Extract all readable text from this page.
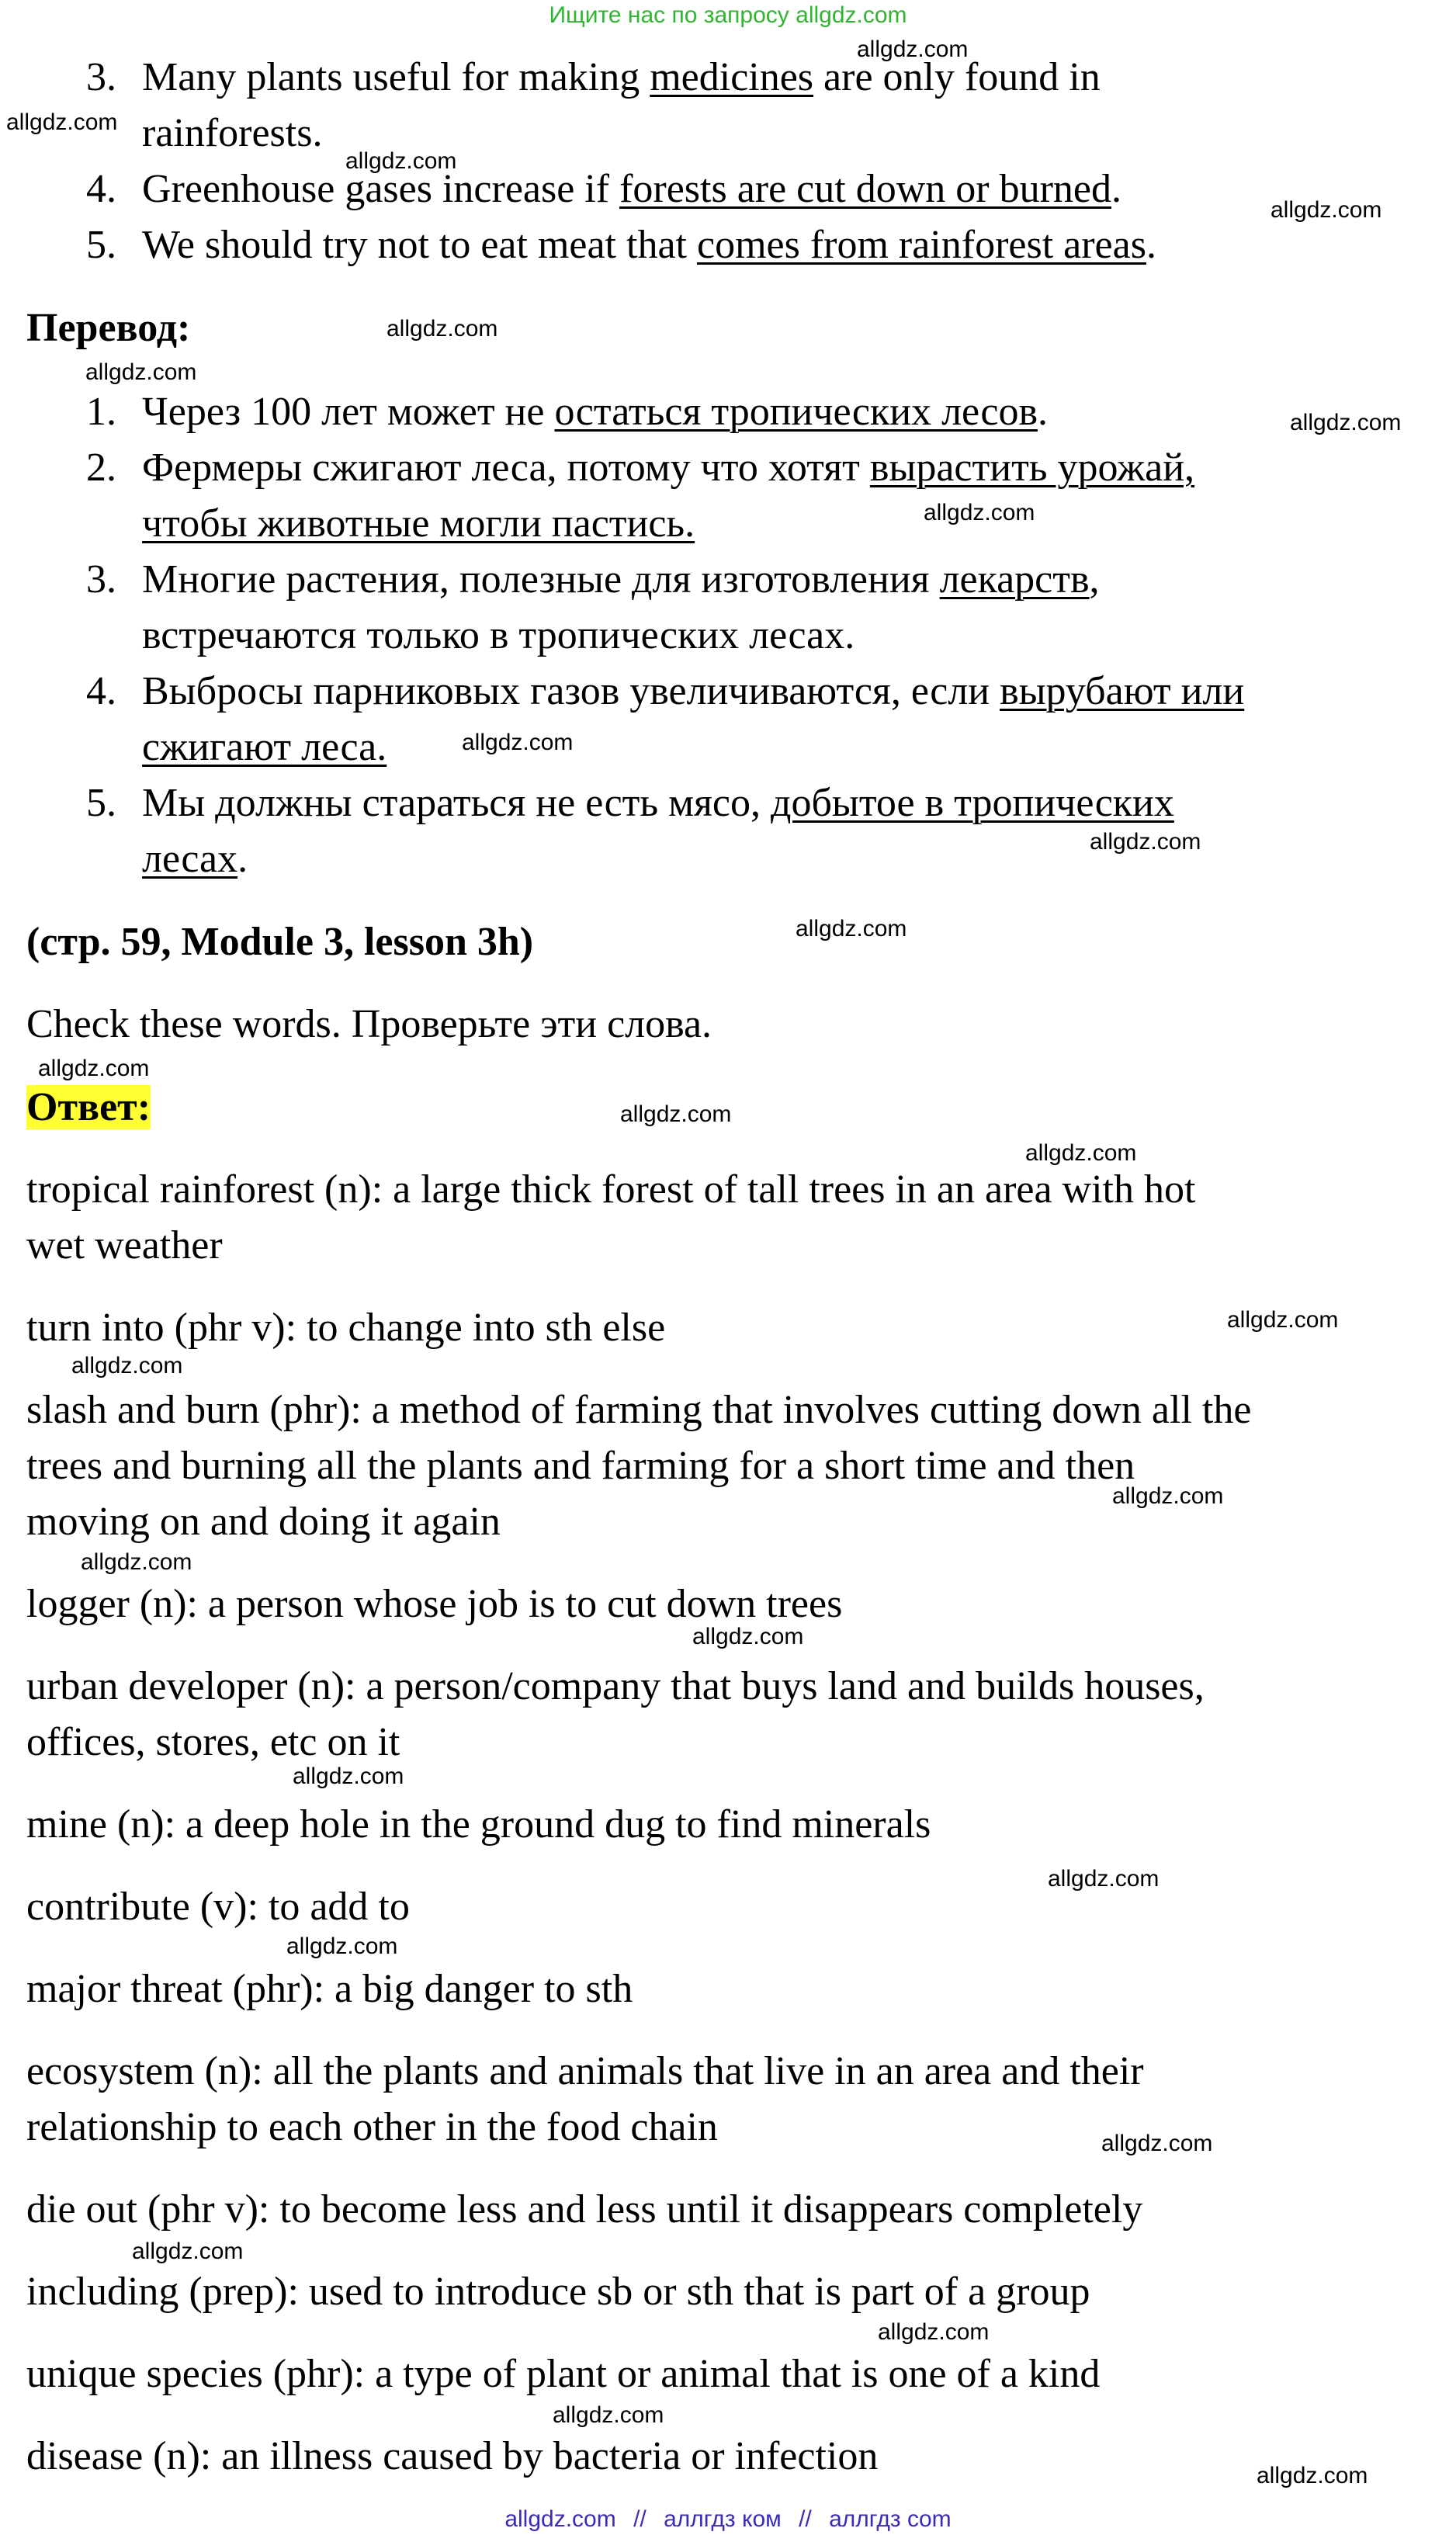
Ищите нас по запросу allgdz.com
3. Many plants useful for making medicines are only found in
rainforests.
4. Greenhouse gases increase if forests are cut down or burned.
5. We should try not to eat meat that comes from rainforest areas.
Перевод:
1. Через 100 лет может не остаться тропических лесов.
2. Фермеры сжигают леса, потому что хотят вырастить урожай,
чтобы животные могли пастись.
3. Многие растения, полезные для изготовления лекарств,
встречаются только в тропических лесах.
4. Выбросы парниковых газов увеличиваются, если вырубают или
сжигают леса.
5. Мы должны стараться не есть мясо, добытое в тропических
лесах.
(стр. 59, Module 3, lesson 3h)
Check these words. Проверьте эти слова.
Ответ:
tropical rainforest (n): a large thick forest of tall trees in an area with hot
wet weather
turn into (phr v): to change into sth else
slash and burn (phr): a method of farming that involves cutting down all the
trees and burning all the plants and farming for a short time and then
moving on and doing it again
logger (n): a person whose job is to cut down trees
urban developer (n): a person/company that buys land and builds houses,
offices, stores, etc on it
mine (n): a deep hole in the ground dug to find minerals
contribute (v): to add to
major threat (phr): a big danger to sth
ecosystem (n): all the plants and animals that live in an area and their
relationship to each other in the food chain
die out (phr v): to become less and less until it disappears completely
including (prep): used to introduce sb or sth that is part of a group
unique species (phr): a type of plant or animal that is one of a kind
disease (n): an illness caused by bacteria or infection
allgdz.com
allgdz.com
allgdz.com
allgdz.com
allgdz.com
allgdz.com
allgdz.com
allgdz.com
allgdz.com
allgdz.com
allgdz.com
allgdz.com
allgdz.com
allgdz.com
allgdz.com
allgdz.com
allgdz.com
allgdz.com
allgdz.com
allgdz.com
allgdz.com
allgdz.com
allgdz.com
allgdz.com
allgdz.com
allgdz.com
allgdz.com
allgdz.com // аллгдз ком // аллгдз com
